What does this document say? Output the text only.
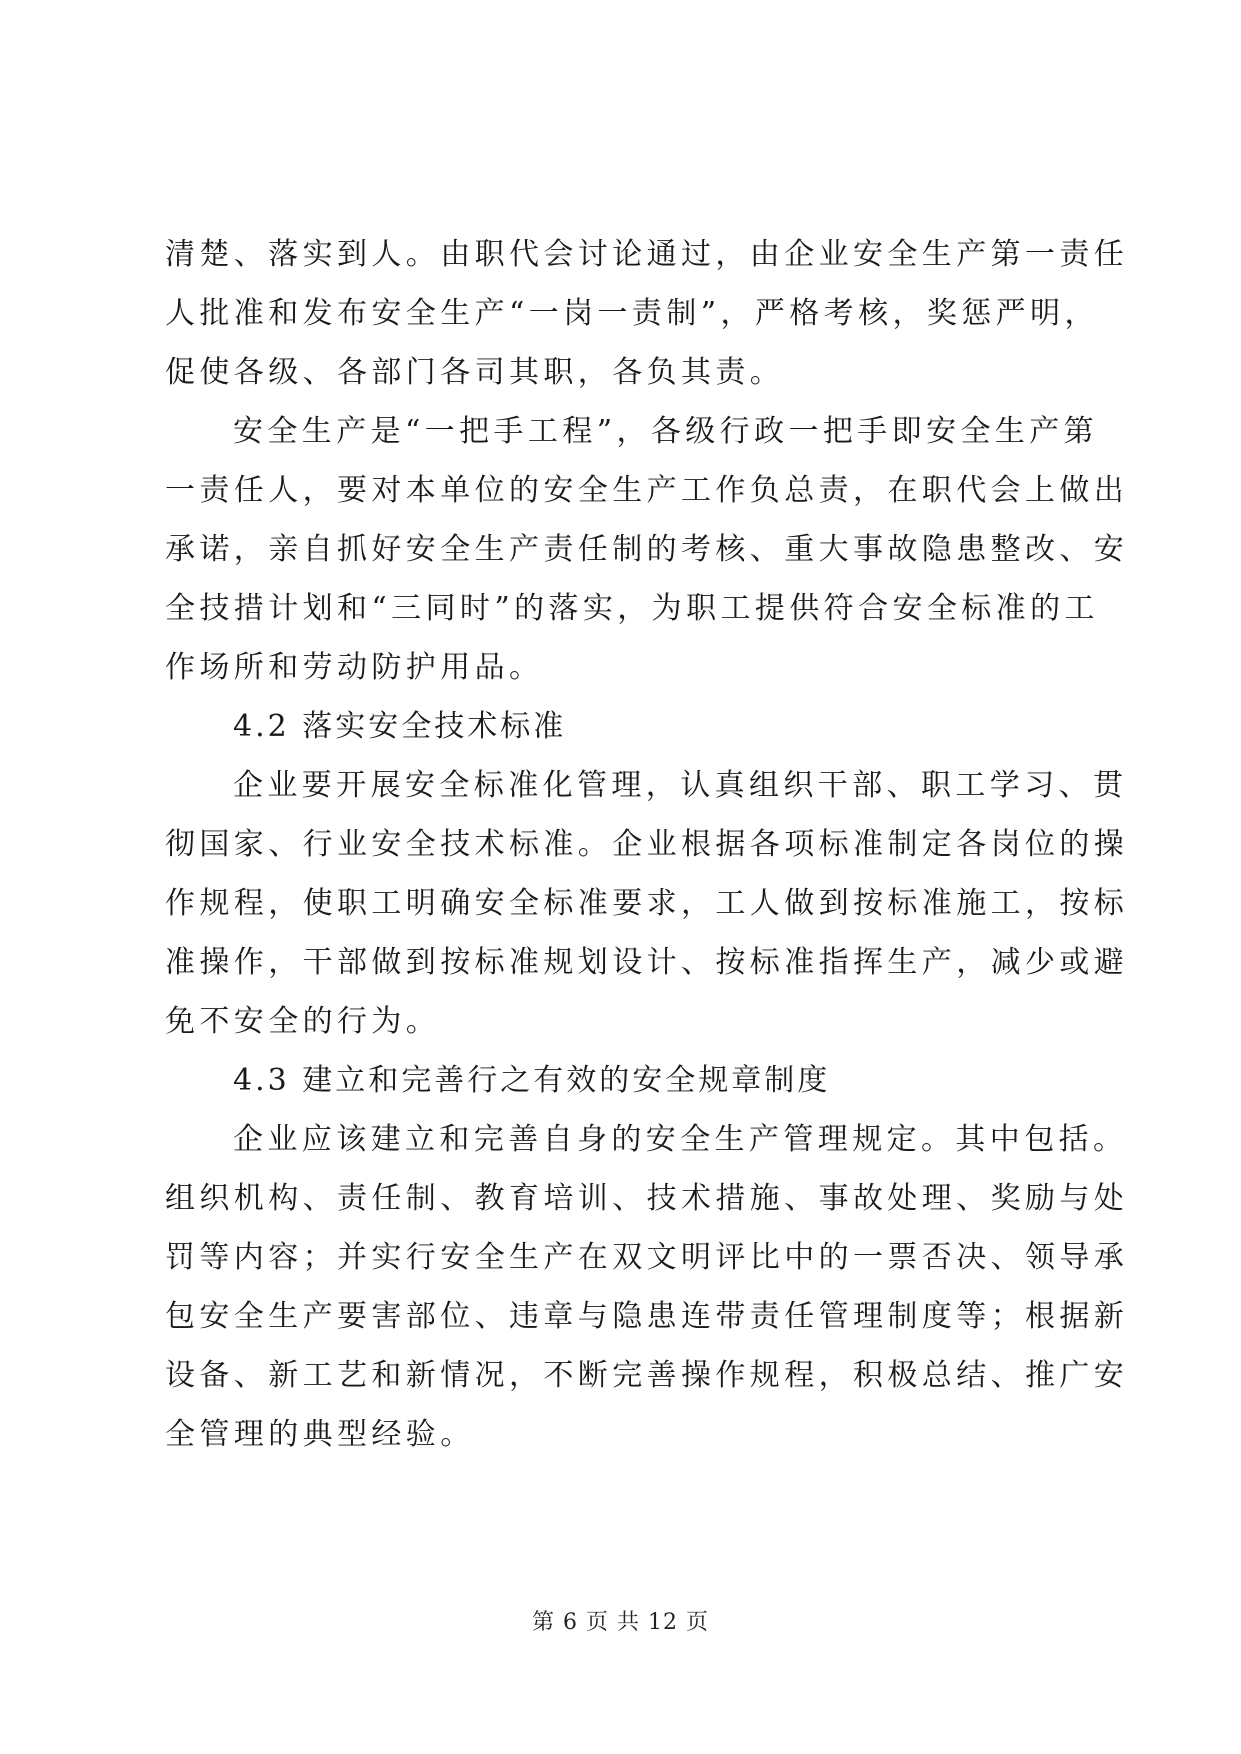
清楚、落实到人。由职代会讨论通过，由企业安全生产第一责任
人批准和发布安全生产“一岗一责制”，严格考核，奖惩严明，
促使各级、各部门各司其职，各负其责。
安全生产是“一把手工程”，各级行政一把手即安全生产第
一责任人，要对本单位的安全生产工作负总责，在职代会上做出
承诺，亲自抓好安全生产责任制的考核、重大事故隐患整改、安
全技措计划和“三同时”的落实，为职工提供符合安全标准的工
作场所和劳动防护用品。
4.2 落实安全技术标准
企业要开展安全标准化管理，认真组织干部、职工学习、贯
彻国家、行业安全技术标准。企业根据各项标准制定各岗位的操
作规程，使职工明确安全标准要求，工人做到按标准施工，按标
准操作，干部做到按标准规划设计、按标准指挥生产，减少或避
免不安全的行为。
4.3 建立和完善行之有效的安全规章制度
企业应该建立和完善自身的安全生产管理规定。其中包括。
组织机构、责任制、教育培训、技术措施、事故处理、奖励与处
罚等内容；并实行安全生产在双文明评比中的一票否决、领导承
包安全生产要害部位、违章与隐患连带责任管理制度等；根据新
设备、新工艺和新情况，不断完善操作规程，积极总结、推广安
全管理的典型经验。
第 6 页 共 12 页
